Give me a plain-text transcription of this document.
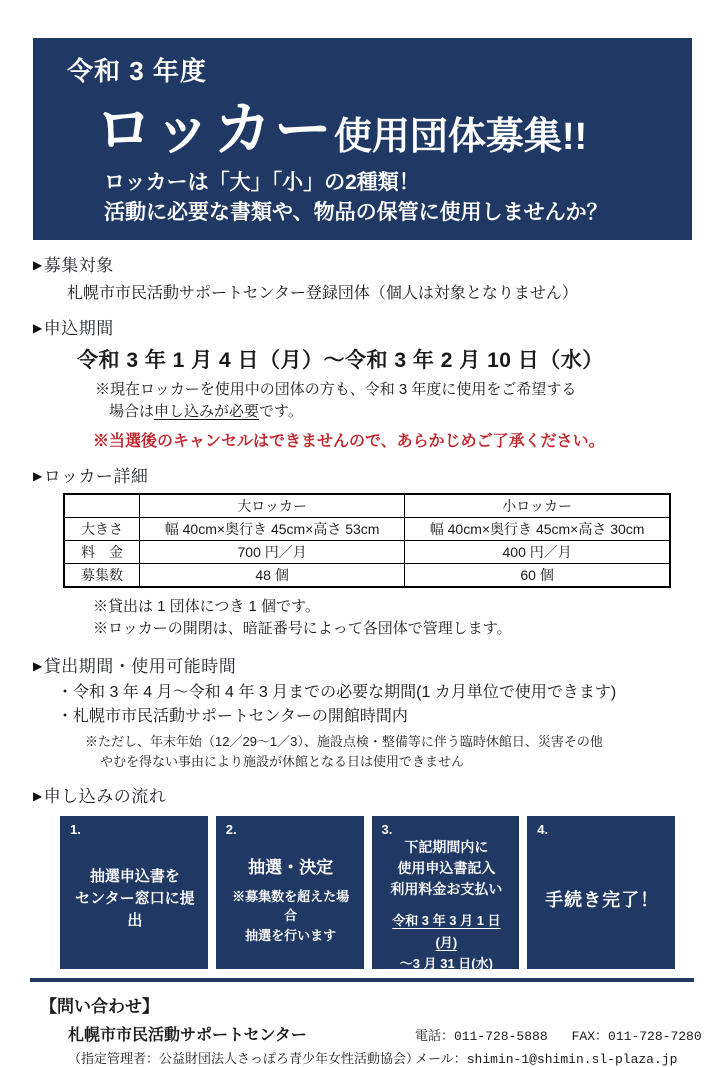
令和 3 年度
ロッカー使用団体募集!!
ロッカーは「大」「小」の2種類！
活動に必要な書類や、物品の保管に使用しませんか？
▶募集対象
札幌市市民活動サポートセンター登録団体（個人は対象となりません）
▶申込期間
令和 3 年 1 月 4 日（月）～令和 3 年 2 月 10 日（水）
※現在ロッカーを使用中の団体の方も、令和 3 年度に使用をご希望する
場合は申し込みが必要です。
※当選後のキャンセルはできませんので、あらかじめご了承ください。
▶ロッカー詳細
	大ロッカー	小ロッカー
大きさ	幅 40cm×奥行き 45cm×高さ 53cm	幅 40cm×奥行き 45cm×高さ 30cm
料　金	700 円／月	400 円／月
募集数	48 個	60 個
※貸出は 1 団体につき 1 個です。
※ロッカーの開閉は、暗証番号によって各団体で管理します。
▶貸出期間・使用可能時間
・令和 3 年 4 月～令和 4 年 3 月までの必要な期間(1 カ月単位で使用できます)
・札幌市市民活動サポートセンターの開館時間内
※ただし、年末年始（12／29～1／3）、施設点検・整備等に伴う臨時休館日、災害その他
やむを得ない事由により施設が休館となる日は使用できません
▶申し込みの流れ
1.
抽選申込書を
センター窓口に提出
2.
抽選・決定
※募集数を超えた場合
抽選を行います
3.
下記期間内に
使用申込書記入
利用料金お支払い
令和 3 年 3 月 1 日(月)
～3 月 31 日(水)
4.
手続き完了！
【問い合わせ】
札幌市市民活動サポートセンター	電話：011-728-5888 FAX：011-728-7280
（指定管理者：公益財団法人さっぽろ青少年女性活動協会）
メール：shimin-1@shimin.sl-plaza.jp
